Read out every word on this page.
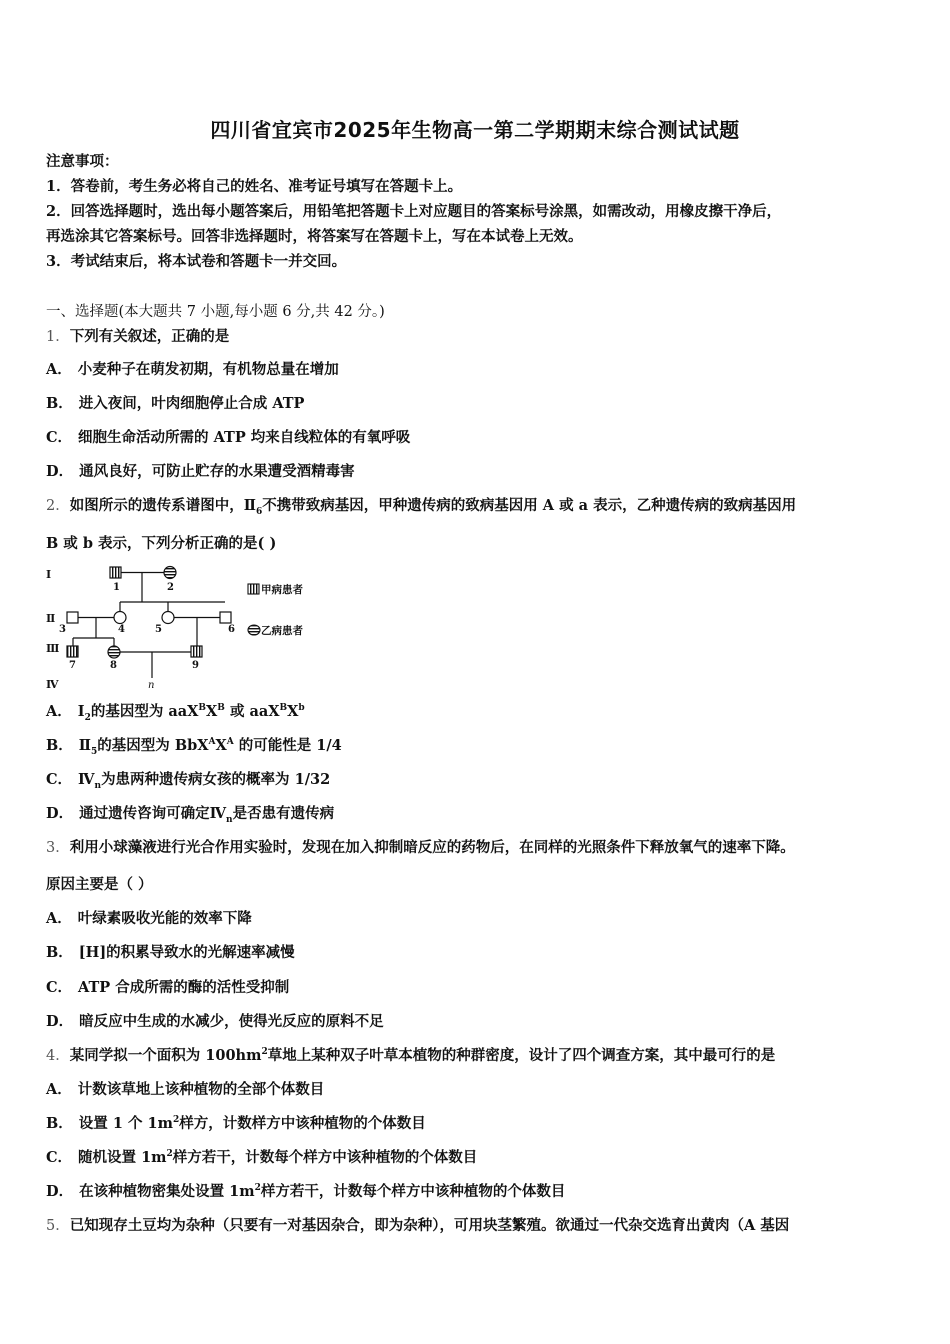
四川省宜宾市2025年生物高一第二学期期末综合测试试题
注意事项：
1．答卷前，考生务必将自己的姓名、准考证号填写在答题卡上。
2．回答选择题时，选出每小题答案后，用铅笔把答题卡上对应题目的答案标号涂黑，如需改动，用橡皮擦干净后，
再选涂其它答案标号。回答非选择题时，将答案写在答题卡上，写在本试卷上无效。
3．考试结束后，将本试卷和答题卡一并交回。
一、选择题(本大题共 7 小题,每小题 6 分,共 42 分。)
1．下列有关叙述，正确的是
A． 小麦种子在萌发初期，有机物总量在增加
B． 进入夜间，叶肉细胞停止合成 ATP
C． 细胞生命活动所需的 ATP 均来自线粒体的有氧呼吸
D． 通风良好，可防止贮存的水果遭受酒精毒害
2．如图所示的遗传系谱图中，$Ⅱ_6$不携带致病基因，甲种遗传病的致病基因用 A 或 a 表示，乙种遗传病的致病基因用
B 或 b 表示，下列分析正确的是( )
I
Ⅱ
Ⅲ
Ⅳ
1	2
3	4	5	6
7	8	9
n
甲病患者
乙病患者
A． $Ⅰ_2$的基因型为 $aaX^BX^B$ 或 $aaX^BX^b$
B． $Ⅱ_5$的基因型为 $BbX^AX^A$ 的可能性是 1/4
C． $Ⅳ_n$为患两种遗传病女孩的概率为 1/32
D． 通过遗传咨询可确定$Ⅳ_n$是否患有遗传病
3．利用小球藻液进行光合作用实验时，发现在加入抑制暗反应的药物后，在同样的光照条件下释放氧气的速率下降。
原因主要是（ ）
A． 叶绿素吸收光能的效率下降
B． [H]的积累导致水的光解速率减慢
C． ATP 合成所需的酶的活性受抑制
D． 暗反应中生成的水减少，使得光反应的原料不足
4．某同学拟一个面积为 $100hm^2$草地上某种双子叶草本植物的种群密度，设计了四个调查方案，其中最可行的是
A． 计数该草地上该种植物的全部个体数目
B． 设置 1 个 $1m^2$样方，计数样方中该种植物的个体数目
C． 随机设置 $1m^2$样方若干，计数每个样方中该种植物的个体数目
D． 在该种植物密集处设置 $1m^2$样方若干，计数每个样方中该种植物的个体数目
5．已知现存土豆均为杂种（只要有一对基因杂合，即为杂种），可用块茎繁殖。欲通过一代杂交选育出黄肉（A 基因
